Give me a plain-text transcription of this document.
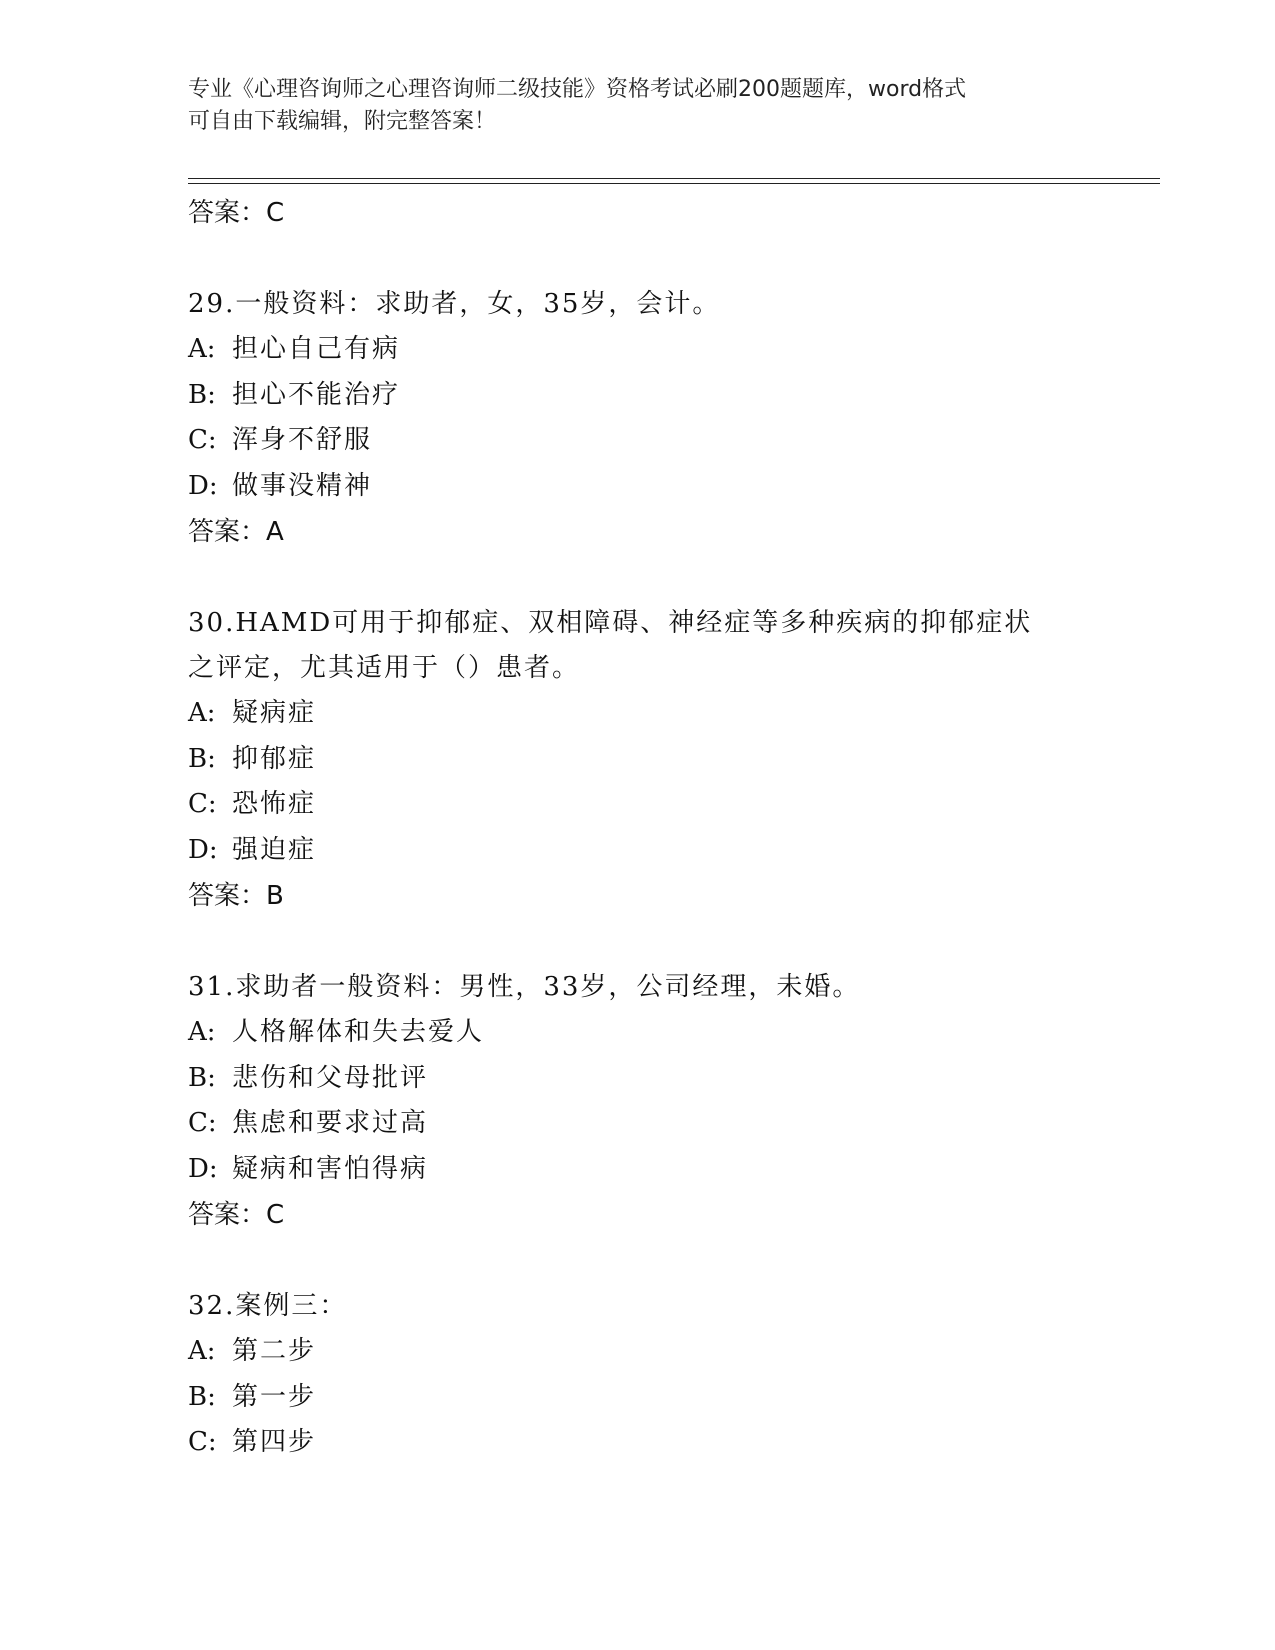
专业《心理咨询师之心理咨询师二级技能》资格考试必刷200题题库，word格式
可自由下载编辑，附完整答案！
答案：C
29.一般资料：求助者，女，35岁，会计。
A: 担心自己有病
B: 担心不能治疗
C: 浑身不舒服
D: 做事没精神
答案：A
30.HAMD可用于抑郁症、双相障碍、神经症等多种疾病的抑郁症状之评定，尤其适用于（）患者。
A: 疑病症
B: 抑郁症
C: 恐怖症
D: 强迫症
答案：B
31.求助者一般资料：男性，33岁，公司经理，未婚。
A: 人格解体和失去爱人
B: 悲伤和父母批评
C: 焦虑和要求过高
D: 疑病和害怕得病
答案：C
32.案例三：
A: 第二步
B: 第一步
C: 第四步
